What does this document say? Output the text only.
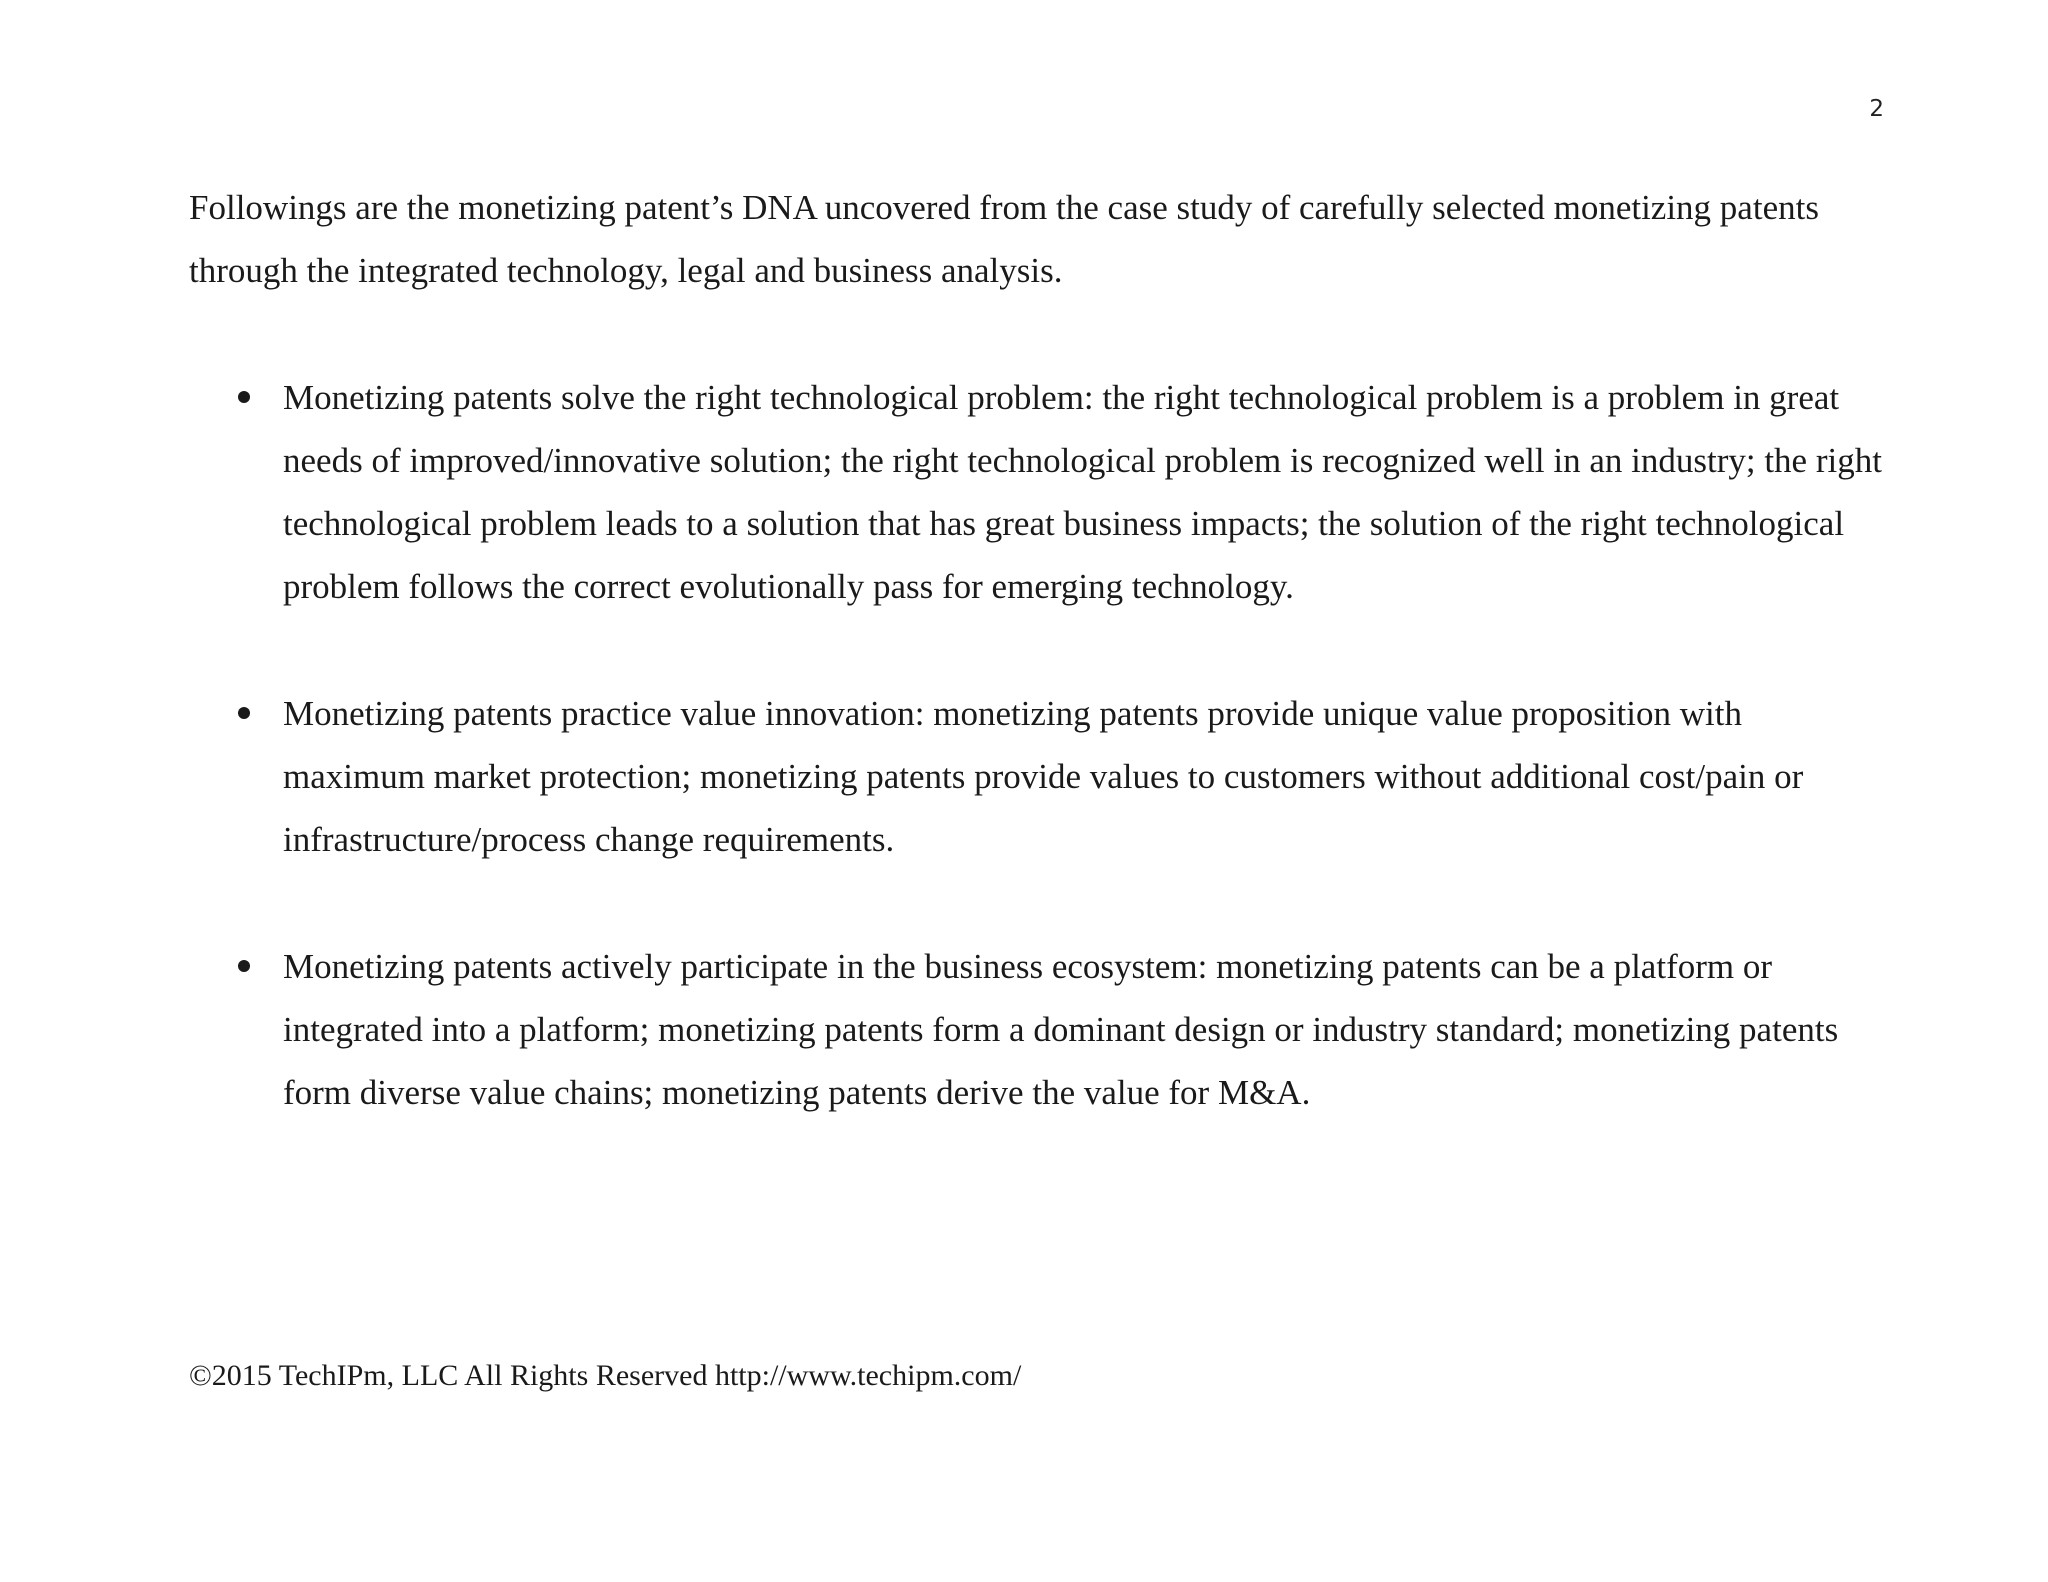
2

Followings are the monetizing patent’s DNA uncovered from the case study of carefully selected monetizing patents through the integrated technology, legal and business analysis.

Monetizing patents solve the right technological problem: the right technological problem is a problem in great needs of improved/innovative solution; the right technological problem is recognized well in an industry; the right technological problem leads to a solution that has great business impacts; the solution of the right technological problem follows the correct evolutionally pass for emerging technology.
Monetizing patents practice value innovation: monetizing patents provide unique value proposition with maximum market protection; monetizing patents provide values to customers without additional cost/pain or infrastructure/process change requirements.
Monetizing patents actively participate in the business ecosystem: monetizing patents can be a platform or integrated into a platform; monetizing patents form a dominant design or industry standard; monetizing patents form diverse value chains; monetizing patents derive the value for M&A.

©2015 TechIPm, LLC All Rights Reserved http://www.techipm.com/
